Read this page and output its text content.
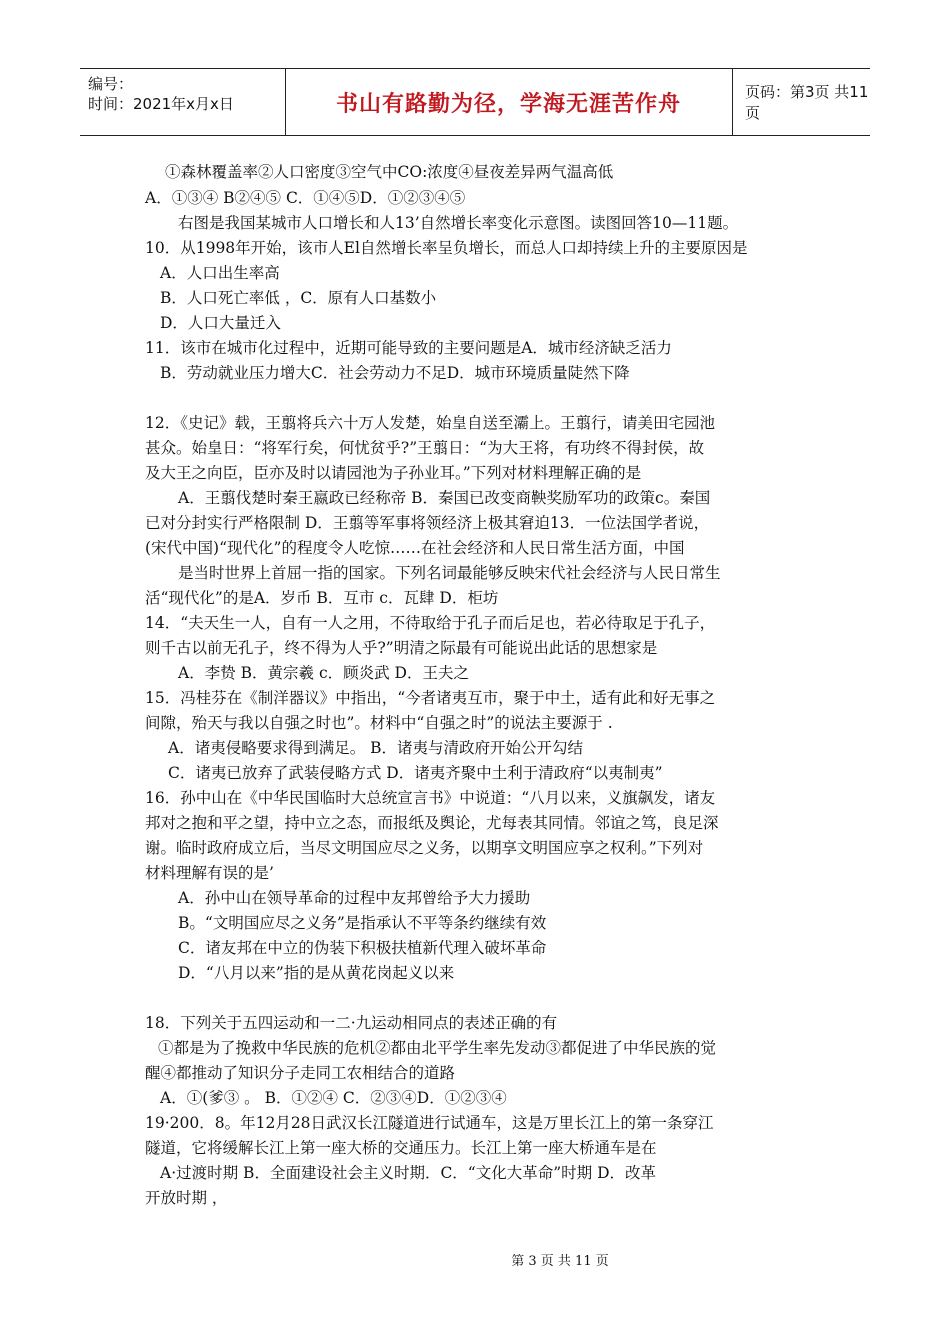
编号：
时间：2021年x月x日	书山有路勤为径，学海无涯苦作舟	页码：第3页 共11页
①森林覆盖率②人口密度③空气中CO:浓度④昼夜差异两气温高低
A．①③④ B②④⑤ C．①④⑤D．①②③④⑤
右图是我国某城市人口增长和人13’自然增长率变化示意图。读图回答10—11题。
10．从1998年开始，该市人El自然增长率呈负增长，而总人口却持续上升的主要原因是
A．人口出生率高
B．人口死亡率低 ，C．原有人口基数小
D．人口大量迁入
11．该市在城市化过程中，近期可能导致的主要问题是A．城市经济缺乏活力
B．劳动就业压力增大C．社会劳动力不足D．城市环境质量陡然下降
12．《史记》载，王翦将兵六十万人发楚，始皇自送至灞上。王翦行，请美田宅园池
甚众。始皇日：“将军行矣，何忧贫乎?”王翦日：“为大王将，有功终不得封侯，故
及大王之向臣，臣亦及时以请园池为子孙业耳。”下列对材料理解正确的是
A．王翦伐楚时秦王嬴政已经称帝 B．秦国已改变商鞅奖励军功的政策c。秦国
已对分封实行严格限制 D．王翦等军事将领经济上极其窘迫13．一位法国学者说，
(宋代中国)“现代化”的程度令人吃惊……在社会经济和人民日常生活方面，中国
是当时世界上首屈一指的国家。下列名词最能够反映宋代社会经济与人民日常生
活“现代化”的是A．岁币 B．互市 c．瓦肆 D．柜坊
14．“夫天生一人，自有一人之用，不待取给于孔子而后足也，若必待取足于孔子，
则千古以前无孔子，终不得为人乎?”明清之际最有可能说出此话的思想家是
A．李贽 B．黄宗羲 c．顾炎武 D．王夫之
15．冯桂芬在《制洋器议》中指出，“今者诸夷互市，聚于中土，适有此和好无事之
间隙，殆天与我以自强之时也”。材料中“自强之时”的说法主要源于 .
A．诸夷侵略要求得到满足。 B．诸夷与清政府开始公开勾结
C．诸夷已放弃了武装侵略方式 D．诸夷齐聚中土利于清政府“以夷制夷”
16．孙中山在《中华民国临时大总统宣言书》中说道：“八月以来，义旗飙发，诸友
邦对之抱和平之望，持中立之态，而报纸及舆论，尤每表其同情。邻谊之笃，良足深
谢。临时政府成立后，当尽文明国应尽之义务，以期享文明国应享之权利。”下列对
材料理解有误的是’
A．孙中山在领导革命的过程中友邦曾给予大力援助
B。“文明国应尽之义务”是指承认不平等条约继续有效
C．诸友邦在中立的伪装下积极扶植新代理入破坏革命
D．“八月以来”指的是从黄花岗起义以来
18．下列关于五四运动和一二·九运动相同点的表述正确的有
①都是为了挽救中华民族的危机②都由北平学生率先发动③都促进了中华民族的觉
醒④都推动了知识分子走同工农相结合的道路
A．①(爹③ 。 B．①②④ C．②③④D．①②③④
19·200．8。年12月28日武汉长江隧道进行试通车，这是万里长江上的第一条穿江
隧道，它将缓解长江上第一座大桥的交通压力。长江上第一座大桥通车是在
A·过渡时期 B．全面建设社会主义时期．C．“文化大革命”时期 D．改革
开放时期 ，
第 3 页 共 11 页
